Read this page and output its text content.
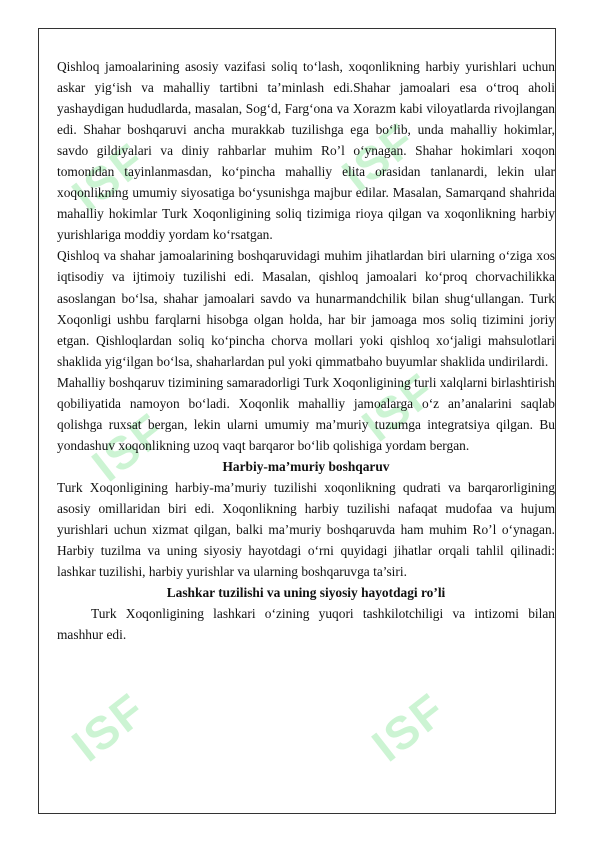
ISF	ISF
ISF	ISF
ISF	ISF

Qishloq jamoalarining asosiy vazifasi soliq to‘lash, xoqonlikning harbiy yurishlari uchun askar yig‘ish va mahalliy tartibni ta’minlash edi.Shahar jamoalari esa o‘troq aholi yashaydigan hududlarda, masalan, Sog‘d, Farg‘ona va Xorazm kabi viloyatlarda rivojlangan edi. Shahar boshqaruvi ancha murakkab tuzilishga ega bo‘lib, unda mahalliy hokimlar, savdo gildiyalari va diniy rahbarlar muhim Ro’l o‘ynagan. Shahar hokimlari xoqon tomonidan tayinlanmasdan, ko‘pincha mahalliy elita orasidan tanlanardi, lekin ular xoqonlikning umumiy siyosatiga bo‘ysunishga majbur edilar. Masalan, Samarqand shahrida mahalliy hokimlar Turk Xoqonligining soliq tizimiga rioya qilgan va xoqonlikning harbiy yurishlariga moddiy yordam ko‘rsatgan.

Qishloq va shahar jamoalarining boshqaruvidagi muhim jihatlardan biri ularning o‘ziga xos iqtisodiy va ijtimoiy tuzilishi edi. Masalan, qishloq jamoalari ko‘proq chorvachilikka asoslangan bo‘lsa, shahar jamoalari savdo va hunarmandchilik bilan shug‘ullangan. Turk Xoqonligi ushbu farqlarni hisobga olgan holda, har bir jamoaga mos soliq tizimini joriy etgan. Qishloqlardan soliq ko‘pincha chorva mollari yoki qishloq xo‘jaligi mahsulotlari shaklida yig‘ilgan bo‘lsa, shaharlardan pul yoki qimmatbaho buyumlar shaklida undirilardi.

Mahalliy boshqaruv tizimining samaradorligi Turk Xoqonligining turli xalqlarni birlashtirish qobiliyatida namoyon bo‘ladi. Xoqonlik mahalliy jamoalarga o‘z an’analarini saqlab qolishga ruxsat bergan, lekin ularni umumiy ma’muriy tuzumga integratsiya qilgan. Bu yondashuv xoqonlikning uzoq vaqt barqaror bo‘lib qolishiga yordam bergan.

Harbiy-ma’muriy boshqaruv

Turk Xoqonligining harbiy-ma’muriy tuzilishi xoqonlikning qudrati va barqarorligining asosiy omillaridan biri edi. Xoqonlikning harbiy tuzilishi nafaqat mudofaa va hujum yurishlari uchun xizmat qilgan, balki ma’muriy boshqaruvda ham muhim Ro’l o‘ynagan. Harbiy tuzilma va uning siyosiy hayotdagi o‘rni quyidagi jihatlar orqali tahlil qilinadi: lashkar tuzilishi, harbiy yurishlar va ularning boshqaruvga ta’siri.

Lashkar tuzilishi va uning siyosiy hayotdagi ro’li

Turk Xoqonligining lashkari o‘zining yuqori tashkilotchiligi va intizomi bilan mashhur edi.
